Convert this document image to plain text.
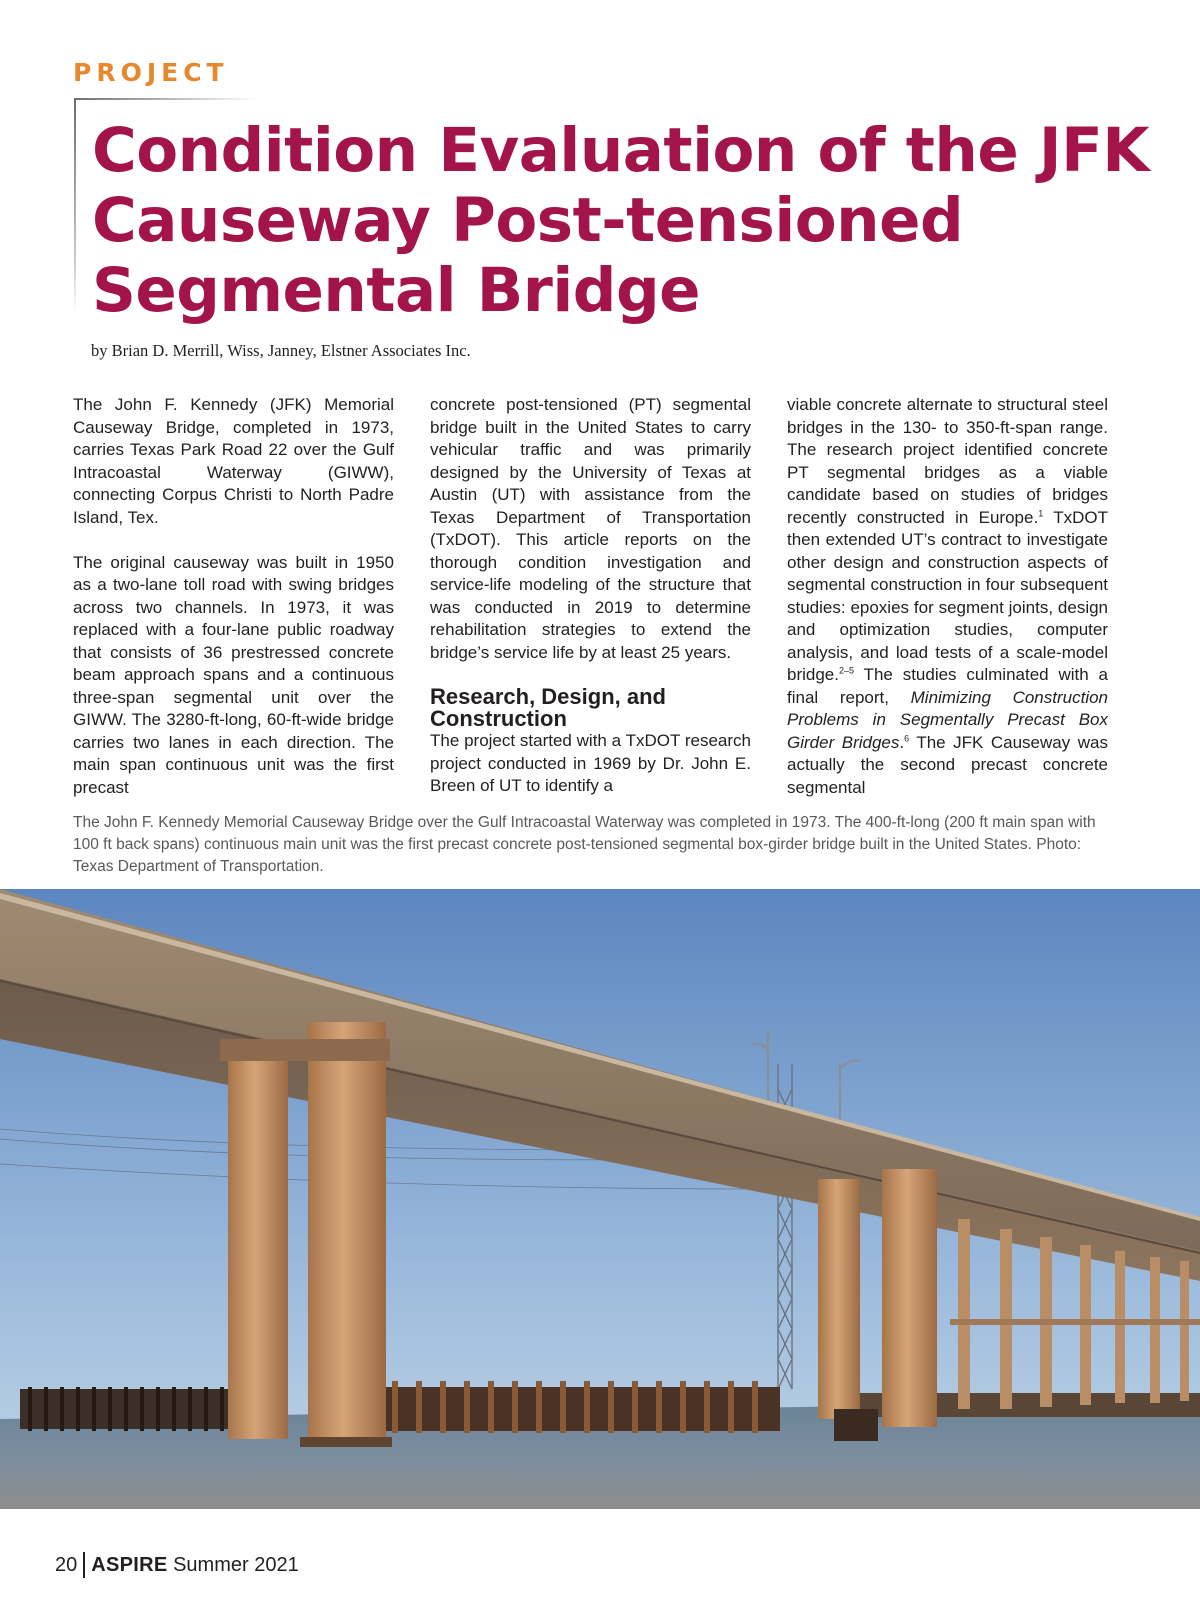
PROJECT
Condition Evaluation of the JFK Causeway Post-tensioned Segmental Bridge
by Brian D. Merrill, Wiss, Janney, Elstner Associates Inc.

The John F. Kennedy (JFK) Memorial Causeway Bridge, completed in 1973, carries Texas Park Road 22 over the Gulf Intracoastal Waterway (GIWW), connecting Corpus Christi to North Padre Island, Tex.

The original causeway was built in 1950 as a two-lane toll road with swing bridges across two channels. In 1973, it was replaced with a four-lane public roadway that consists of 36 prestressed concrete beam approach spans and a continuous three-span segmental unit over the GIWW. The 3280-ft-long, 60-ft-wide bridge carries two lanes in each direction. The main span continuous unit was the first precast

concrete post-tensioned (PT) segmental bridge built in the United States to carry vehicular traffic and was primarily designed by the University of Texas at Austin (UT) with assistance from the Texas Department of Transportation (TxDOT). This article reports on the thorough condition investigation and service-life modeling of the structure that was conducted in 2019 to determine rehabilitation strategies to extend the bridge’s service life by at least 25 years.

Research, Design, and Construction

The project started with a TxDOT research project conducted in 1969 by Dr. John E. Breen of UT to identify a

viable concrete alternate to structural steel bridges in the 130- to 350-ft-span range. The research project identified concrete PT segmental bridges as a viable candidate based on studies of bridges recently constructed in Europe.$^1$ TxDOT then extended UT’s contract to investigate other design and construction aspects of segmental construction in four subsequent studies: epoxies for segment joints, design and optimization studies, computer analysis, and load tests of a scale-model bridge.$^{2-5}$ The studies culminated with a final report, Minimizing Construction Problems in Segmentally Precast Box Girder Bridges.$^6$ The JFK Causeway was actually the second precast concrete segmental

The John F. Kennedy Memorial Causeway Bridge over the Gulf Intracoastal Waterway was completed in 1973. The 400-ft-long (200 ft main span with 100 ft back spans) continuous main unit was the first precast concrete post-tensioned segmental box-girder bridge built in the United States. Photo: Texas Department of Transportation.
20 ASPIRE Summer 2021
